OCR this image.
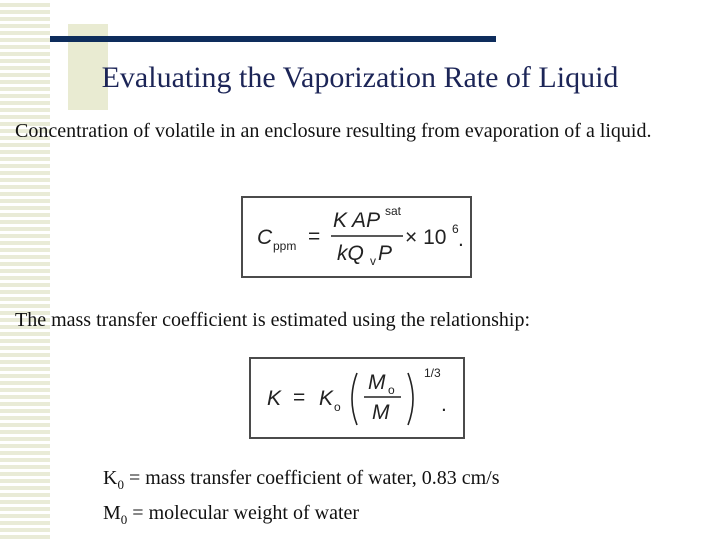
Evaluating the Vaporization Rate of Liquid
Concentration of volatile in an enclosure resulting from evaporation of a liquid.
C ppm =
K AP sat
kQ v P
× 10 6 .
The mass transfer coefficient is estimated using the relationship:
K = K o
M o
M
1/3
.
$K_0$ = mass transfer coefficient of water, 0.83 cm/s
$M_0$ = molecular weight of water
